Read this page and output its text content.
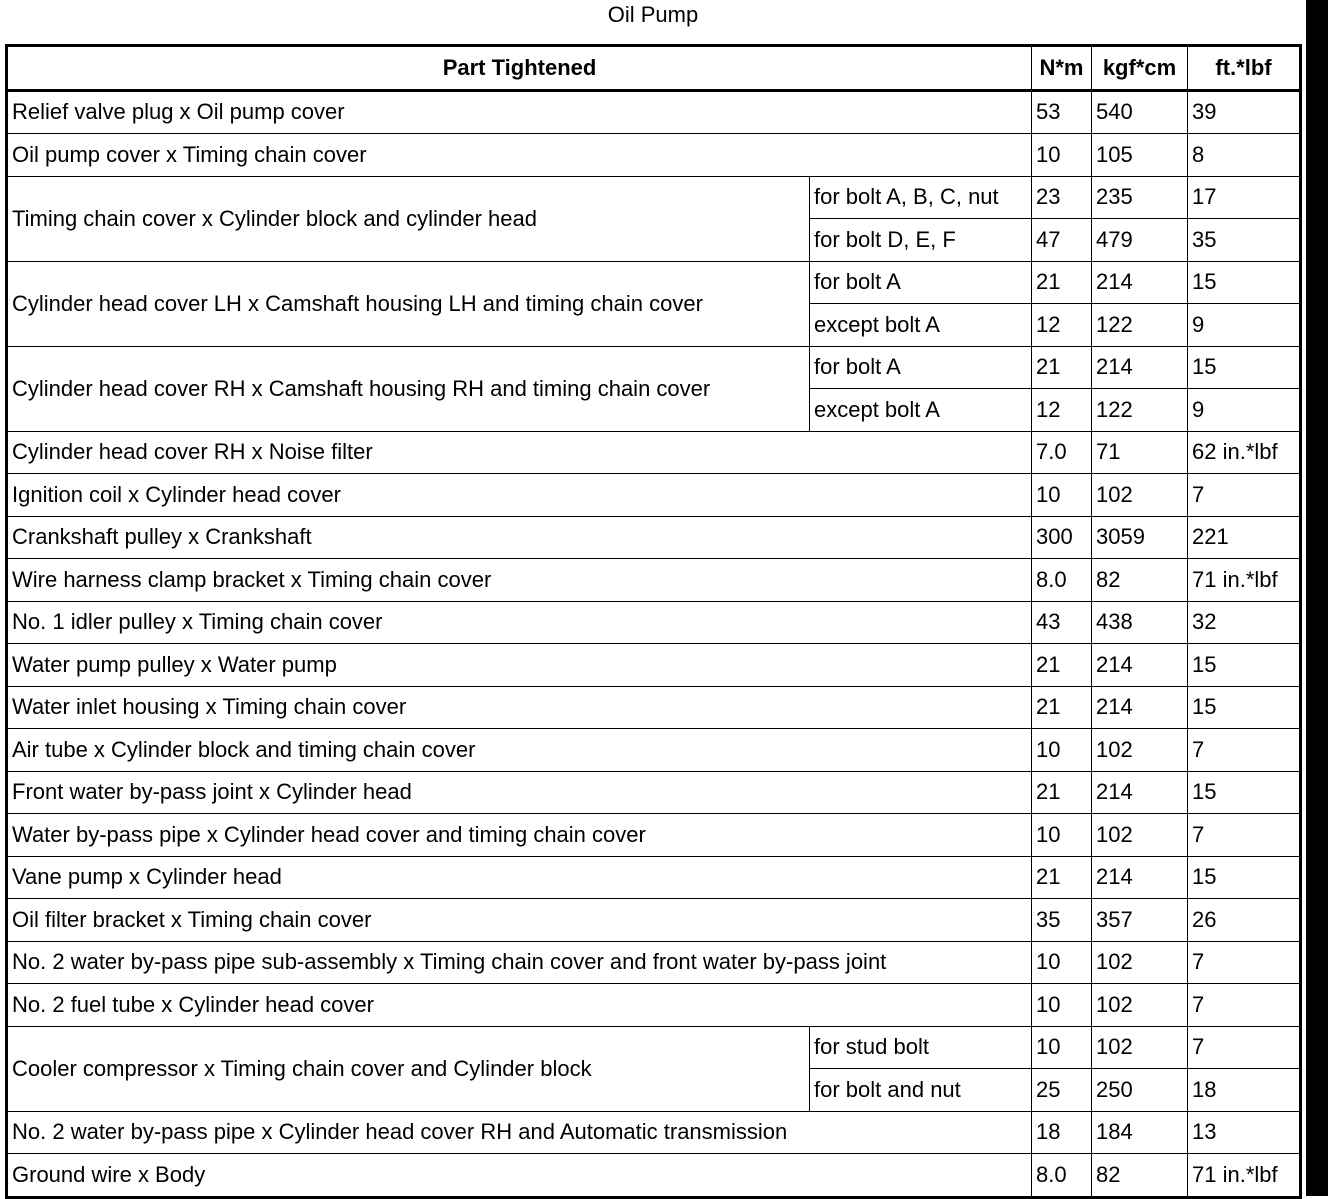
Oil Pump
Part Tightened		N*m	kgf*cm	ft.*lbf
Relief valve plug x Oil pump cover		53	540	39
Oil pump cover x Timing chain cover		10	105	8
Timing chain cover x Cylinder block and cylinder head	for bolt A, B, C, nut	23	235	17
	for bolt D, E, F	47	479	35
Cylinder head cover LH x Camshaft housing LH and timing chain cover	for bolt A	21	214	15
	except bolt A	12	122	9
Cylinder head cover RH x Camshaft housing RH and timing chain cover	for bolt A	21	214	15
	except bolt A	12	122	9
Cylinder head cover RH x Noise filter		7.0	71	62 in.*lbf
Ignition coil x Cylinder head cover		10	102	7
Crankshaft pulley x Crankshaft		300	3059	221
Wire harness clamp bracket x Timing chain cover		8.0	82	71 in.*lbf
No. 1 idler pulley x Timing chain cover		43	438	32
Water pump pulley x Water pump		21	214	15
Water inlet housing x Timing chain cover		21	214	15
Air tube x Cylinder block and timing chain cover		10	102	7
Front water by-pass joint x Cylinder head		21	214	15
Water by-pass pipe x Cylinder head cover and timing chain cover		10	102	7
Vane pump x Cylinder head		21	214	15
Oil filter bracket x Timing chain cover		35	357	26
No. 2 water by-pass pipe sub-assembly x Timing chain cover and front water by-pass joint		10	102	7
No. 2 fuel tube x Cylinder head cover		10	102	7
Cooler compressor x Timing chain cover and Cylinder block	for stud bolt	10	102	7
	for bolt and nut	25	250	18
No. 2 water by-pass pipe x Cylinder head cover RH and Automatic transmission		18	184	13
Ground wire x Body		8.0	82	71 in.*lbf
